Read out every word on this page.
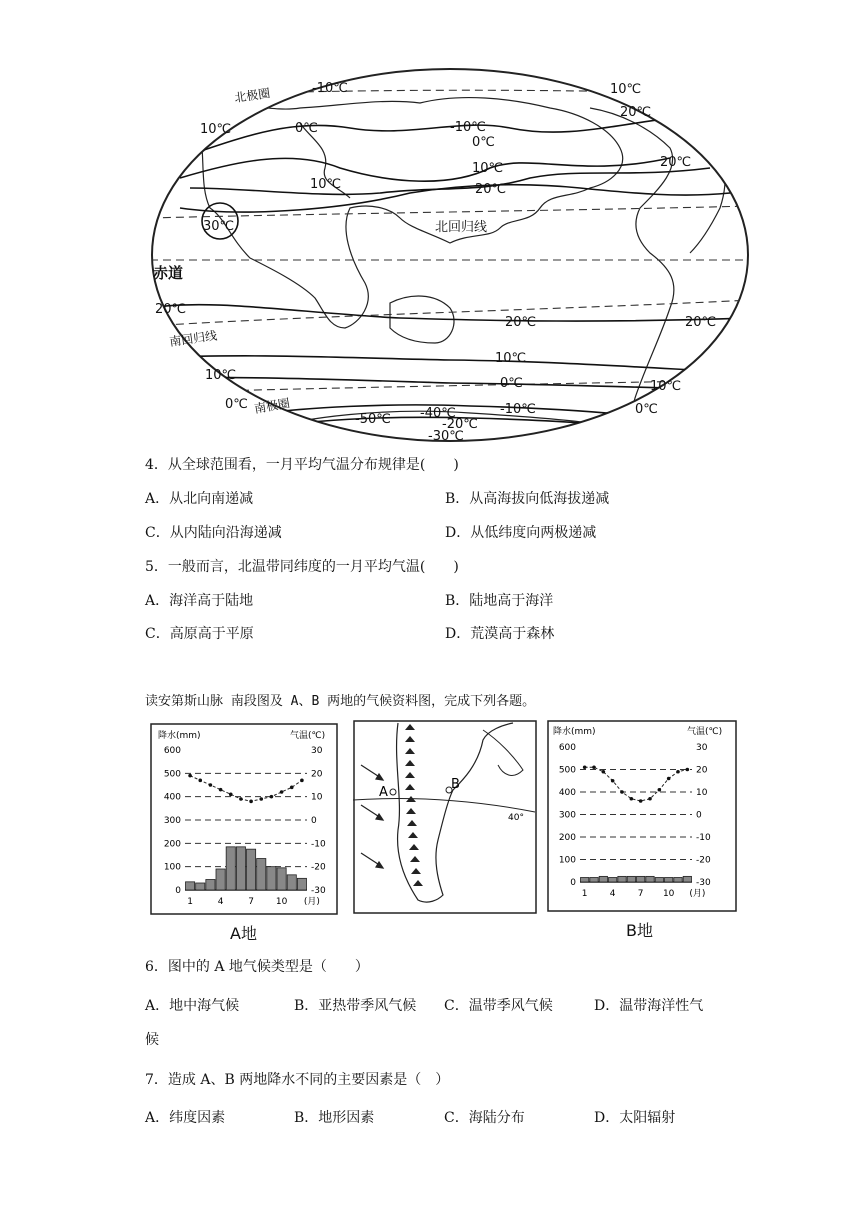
北极圈
北回归线
赤道
南回归线
南极圈
-10℃
0℃
10℃	-10℃
0℃
10℃
20℃
10℃
20℃
30℃
20℃
20℃	20℃
10℃
0℃
10℃
0℃
10℃
-10℃
-20℃
-30℃
-40℃
-50℃
0℃
10℃
20℃
4．从全球范围看，一月平均气温分布规律是(　　)
A．从北向南递减	B．从高海拔向低海拔递减
C．从内陆向沿海递减	D．从低纬度向两极递减
5．一般而言，北温带同纬度的一月平均气温(　　)
A．海洋高于陆地	B．陆地高于海洋
C．高原高于平原	D．荒漠高于森林
读安第斯山脉 南段图及 A、B 两地的气候资料图，完成下列各题。
降水(mm)	气温(℃)
600	30
500	20
400	10
300	0
200	-10
100	-20
0	-30
1	4	7 10 (月)
A地
40°
A
B
降水(mm)	气温(℃)
600	30
500	20
400	10
300	0
200	-10
100	-20
0	-30
1 4 7 10 (月)
B地
6．图中的 A 地气候类型是（　　）
A．地中海气候	B．亚热带季风气候 C．温带季风气候	D．温带海洋性气
候
7．造成 A、B 两地降水不同的主要因素是（　）
A．纬度因素	B．地形因素	C．海陆分布	D．太阳辐射
